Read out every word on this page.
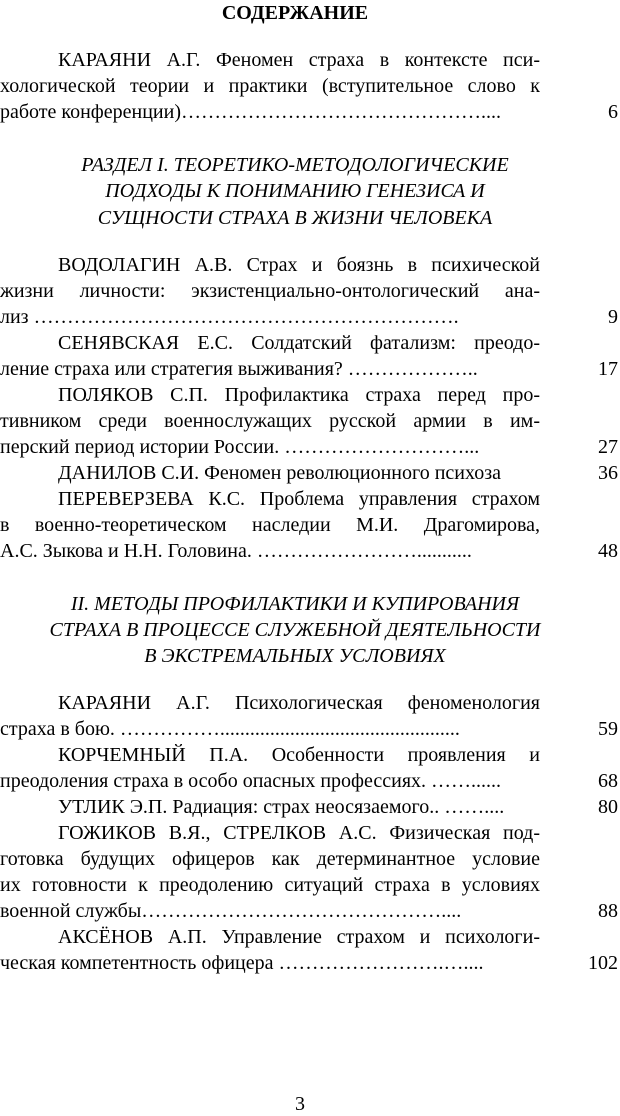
СОДЕРЖАНИЕ
КАРАЯНИ А.Г. Феномен страха в контексте пси-
хологической теории и практики (вступительное слово к
работе конференции)………………………………………....	6
РАЗДЕЛ I. ТЕОРЕТИКО-МЕТОДОЛОГИЧЕСКИЕ
ПОДХОДЫ К ПОНИМАНИЮ ГЕНЕЗИСА И
СУЩНОСТИ СТРАХА В ЖИЗНИ ЧЕЛОВЕКА
ВОДОЛАГИН А.В. Страх и боязнь в психической
жизни личности: экзистенциально-онтологический ана-
лиз ……………………………………………………….	9
СЕНЯВСКАЯ Е.С. Солдатский фатализм: преодо-
ление страха или стратегия выживания? ………………..	17
ПОЛЯКОВ С.П. Профилактика страха перед про-
тивником среди военнослужащих русской армии в им-
перский период истории России. ………………………...	27
ДАНИЛОВ С.И. Феномен революционного психоза	36
ПЕРЕВЕРЗЕВА К.С. Проблема управления страхом
в военно-теоретическом наследии М.И. Драгомирова,
А.С. Зыкова и Н.Н. Головина. ……………………...........	48
II. МЕТОДЫ ПРОФИЛАКТИКИ И КУПИРОВАНИЯ
СТРАХА В ПРОЦЕССЕ СЛУЖЕБНОЙ ДЕЯТЕЛЬНОСТИ
В ЭКСТРЕМАЛЬНЫХ УСЛОВИЯХ
КАРАЯНИ А.Г. Психологическая феноменология
страха в бою. ……………................................................	59
КОРЧЕМНЫЙ П.А. Особенности проявления и
преодоления страха в особо опасных профессиях. ……......	68
УТЛИК Э.П. Радиация: страх неосязаемого.. ……....	80
ГОЖИКОВ В.Я., СТРЕЛКОВ А.С. Физическая под-
готовка будущих офицеров как детерминантное условие
их готовности к преодолению ситуаций страха в условиях
военной службы………………………………………....	88
АКСЁНОВ А.П. Управление страхом и психологи-
ческая компетентность офицера …………………….…....	102
3
